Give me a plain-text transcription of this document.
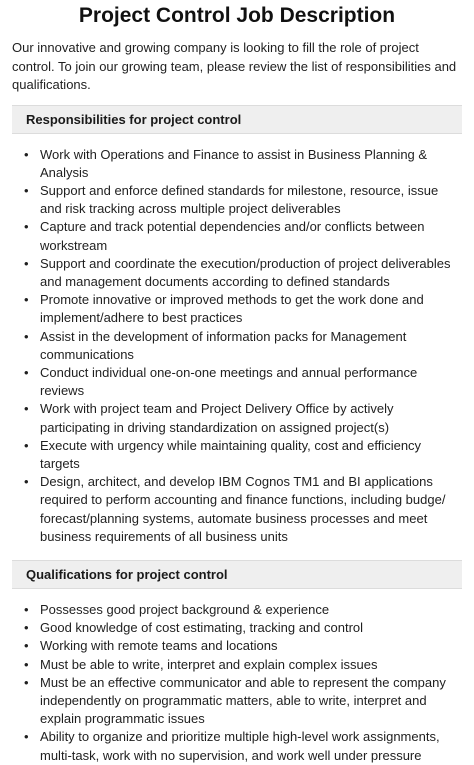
Project Control Job Description

Our innovative and growing company is looking to fill the role of project control. To join our growing team, please review the list of responsibilities and qualifications.

Responsibilities for project control
• Work with Operations and Finance to assist in Business Planning & Analysis
• Support and enforce defined standards for milestone, resource, issue and risk tracking across multiple project deliverables
• Capture and track potential dependencies and/or conflicts between workstream
• Support and coordinate the execution/production of project deliverables and management documents according to defined standards
• Promote innovative or improved methods to get the work done and implement/adhere to best practices
• Assist in the development of information packs for Management communications
• Conduct individual one-on-one meetings and annual performance reviews
• Work with project team and Project Delivery Office by actively participating in driving standardization on assigned project(s)
• Execute with urgency while maintaining quality, cost and efficiency targets
• Design, architect, and develop IBM Cognos TM1 and BI applications required to perform accounting and finance functions, including budge/ forecast/planning systems, automate business processes and meet business requirements of all business units
Qualifications for project control
• Possesses good project background & experience
• Good knowledge of cost estimating, tracking and control
• Working with remote teams and locations
• Must be able to write, interpret and explain complex issues
• Must be an effective communicator and able to represent the company independently on programmatic matters, able to write, interpret and explain programmatic issues
• Ability to organize and prioritize multiple high-level work assignments, multi-task, work with no supervision, and work well under pressure
